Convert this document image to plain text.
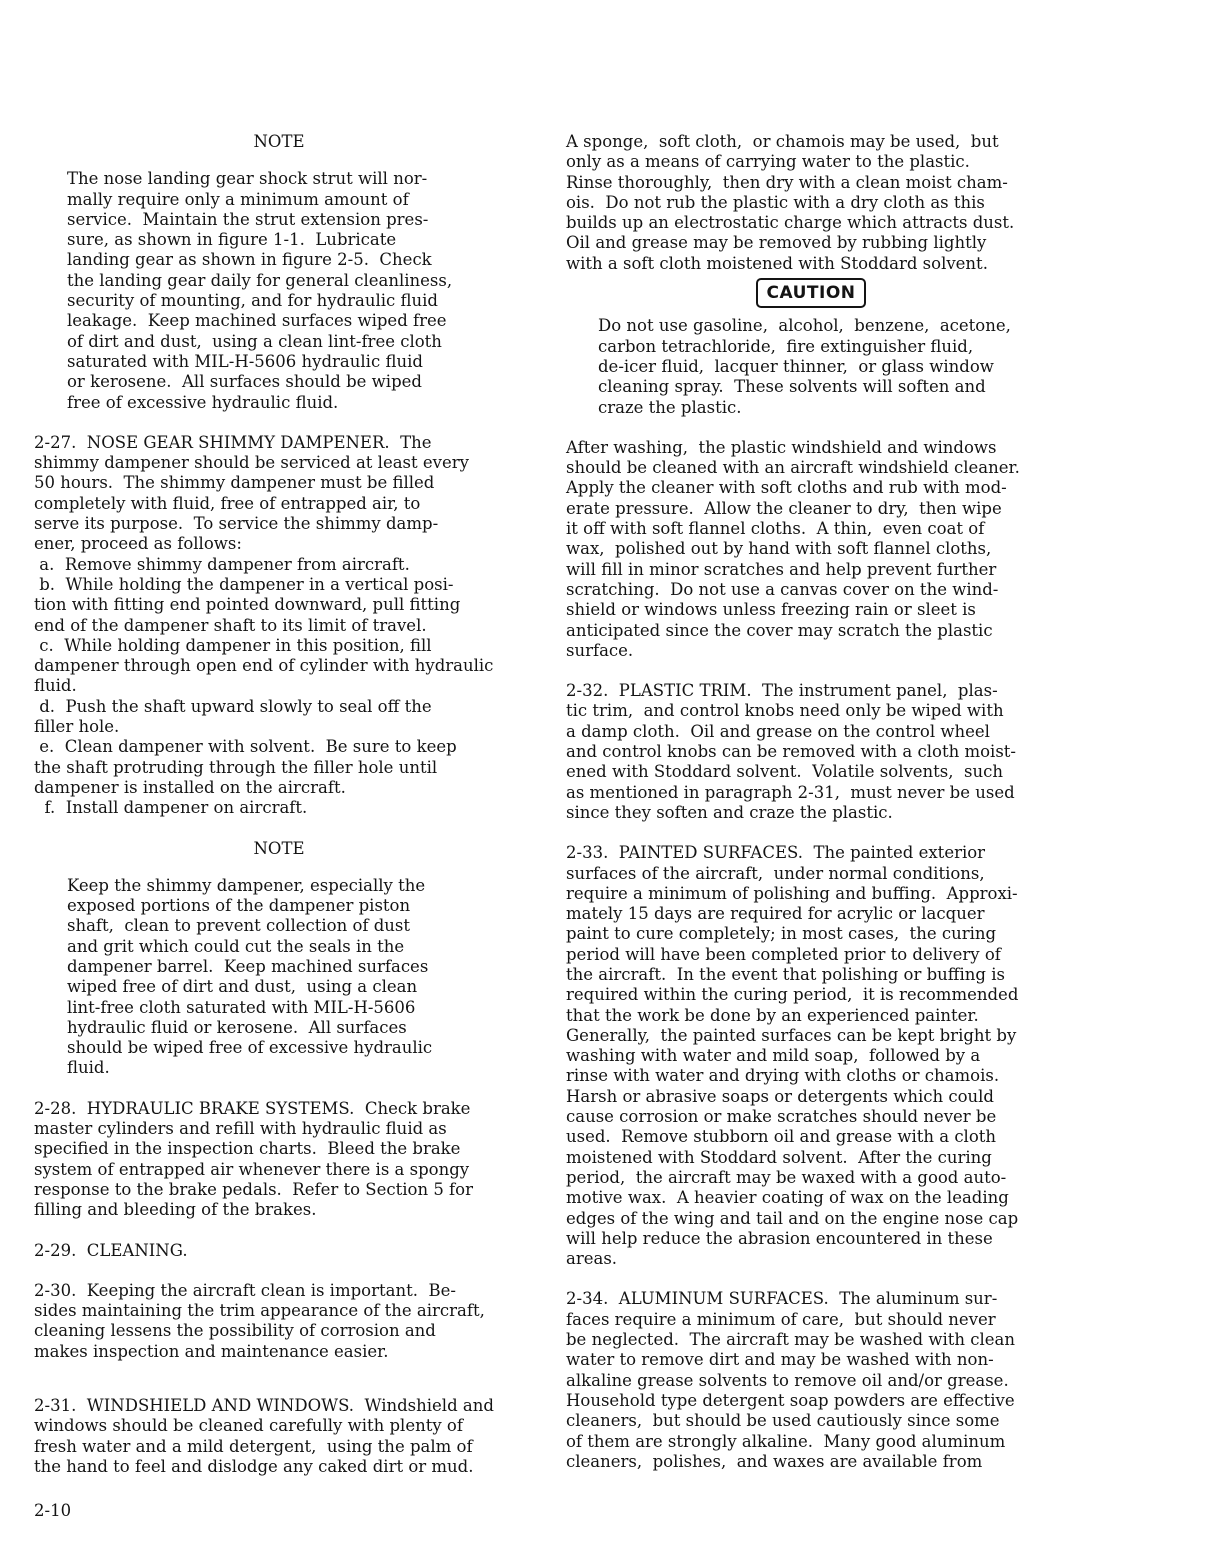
NOTE
The nose landing gear shock strut will nor-
mally require only a minimum amount of
service.  Maintain the strut extension pres-
sure, as shown in figure 1-1.  Lubricate
landing gear as shown in figure 2-5.  Check
the landing gear daily for general cleanliness,
security of mounting, and for hydraulic fluid
leakage.  Keep machined surfaces wiped free
of dirt and dust,  using a clean lint-free cloth
saturated with MIL-H-5606 hydraulic fluid
or kerosene.  All surfaces should be wiped
free of excessive hydraulic fluid.
2-27.  NOSE GEAR SHIMMY DAMPENER.  The
shimmy dampener should be serviced at least every
50 hours.  The shimmy dampener must be filled
completely with fluid, free of entrapped air, to
serve its purpose.  To service the shimmy damp-
ener, proceed as follows:
a.  Remove shimmy dampener from aircraft.
b.  While holding the dampener in a vertical posi-
tion with fitting end pointed downward, pull fitting
end of the dampener shaft to its limit of travel.
c.  While holding dampener in this position, fill
dampener through open end of cylinder with hydraulic
fluid.
d.  Push the shaft upward slowly to seal off the
filler hole.
e.  Clean dampener with solvent.  Be sure to keep
the shaft protruding through the filler hole until
dampener is installed on the aircraft.
f.  Install dampener on aircraft.
NOTE
Keep the shimmy dampener, especially the
exposed portions of the dampener piston
shaft,  clean to prevent collection of dust
and grit which could cut the seals in the
dampener barrel.  Keep machined surfaces
wiped free of dirt and dust,  using a clean
lint-free cloth saturated with MIL-H-5606
hydraulic fluid or kerosene.  All surfaces
should be wiped free of excessive hydraulic
fluid.
2-28.  HYDRAULIC BRAKE SYSTEMS.  Check brake
master cylinders and refill with hydraulic fluid as
specified in the inspection charts.  Bleed the brake
system of entrapped air whenever there is a spongy
response to the brake pedals.  Refer to Section 5 for
filling and bleeding of the brakes.
2-29.  CLEANING.
2-30.  Keeping the aircraft clean is important.  Be-
sides maintaining the trim appearance of the aircraft,
cleaning lessens the possibility of corrosion and
makes inspection and maintenance easier.
2-31.  WINDSHIELD AND WINDOWS.  Windshield and
windows should be cleaned carefully with plenty of
fresh water and a mild detergent,  using the palm of
the hand to feel and dislodge any caked dirt or mud.
A sponge,  soft cloth,  or chamois may be used,  but
only as a means of carrying water to the plastic.
Rinse thoroughly,  then dry with a clean moist cham-
ois.  Do not rub the plastic with a dry cloth as this
builds up an electrostatic charge which attracts dust.
Oil and grease may be removed by rubbing lightly
with a soft cloth moistened with Stoddard solvent.
CAUTION
Do not use gasoline,  alcohol,  benzene,  acetone,
carbon tetrachloride,  fire extinguisher fluid,
de-icer fluid,  lacquer thinner,  or glass window
cleaning spray.  These solvents will soften and
craze the plastic.
After washing,  the plastic windshield and windows
should be cleaned with an aircraft windshield cleaner.
Apply the cleaner with soft cloths and rub with mod-
erate pressure.  Allow the cleaner to dry,  then wipe
it off with soft flannel cloths.  A thin,  even coat of
wax,  polished out by hand with soft flannel cloths,
will fill in minor scratches and help prevent further
scratching.  Do not use a canvas cover on the wind-
shield or windows unless freezing rain or sleet is
anticipated since the cover may scratch the plastic
surface.
2-32.  PLASTIC TRIM.  The instrument panel,  plas-
tic trim,  and control knobs need only be wiped with
a damp cloth.  Oil and grease on the control wheel
and control knobs can be removed with a cloth moist-
ened with Stoddard solvent.  Volatile solvents,  such
as mentioned in paragraph 2-31,  must never be used
since they soften and craze the plastic.
2-33.  PAINTED SURFACES.  The painted exterior
surfaces of the aircraft,  under normal conditions,
require a minimum of polishing and buffing.  Approxi-
mately 15 days are required for acrylic or lacquer
paint to cure completely; in most cases,  the curing
period will have been completed prior to delivery of
the aircraft.  In the event that polishing or buffing is
required within the curing period,  it is recommended
that the work be done by an experienced painter.
Generally,  the painted surfaces can be kept bright by
washing with water and mild soap,  followed by a
rinse with water and drying with cloths or chamois.
Harsh or abrasive soaps or detergents which could
cause corrosion or make scratches should never be
used.  Remove stubborn oil and grease with a cloth
moistened with Stoddard solvent.  After the curing
period,  the aircraft may be waxed with a good auto-
motive wax.  A heavier coating of wax on the leading
edges of the wing and tail and on the engine nose cap
will help reduce the abrasion encountered in these
areas.
2-34.  ALUMINUM SURFACES.  The aluminum sur-
faces require a minimum of care,  but should never
be neglected.  The aircraft may be washed with clean
water to remove dirt and may be washed with non-
alkaline grease solvents to remove oil and/or grease.
Household type detergent soap powders are effective
cleaners,  but should be used cautiously since some
of them are strongly alkaline.  Many good aluminum
cleaners,  polishes,  and waxes are available from
2-10
